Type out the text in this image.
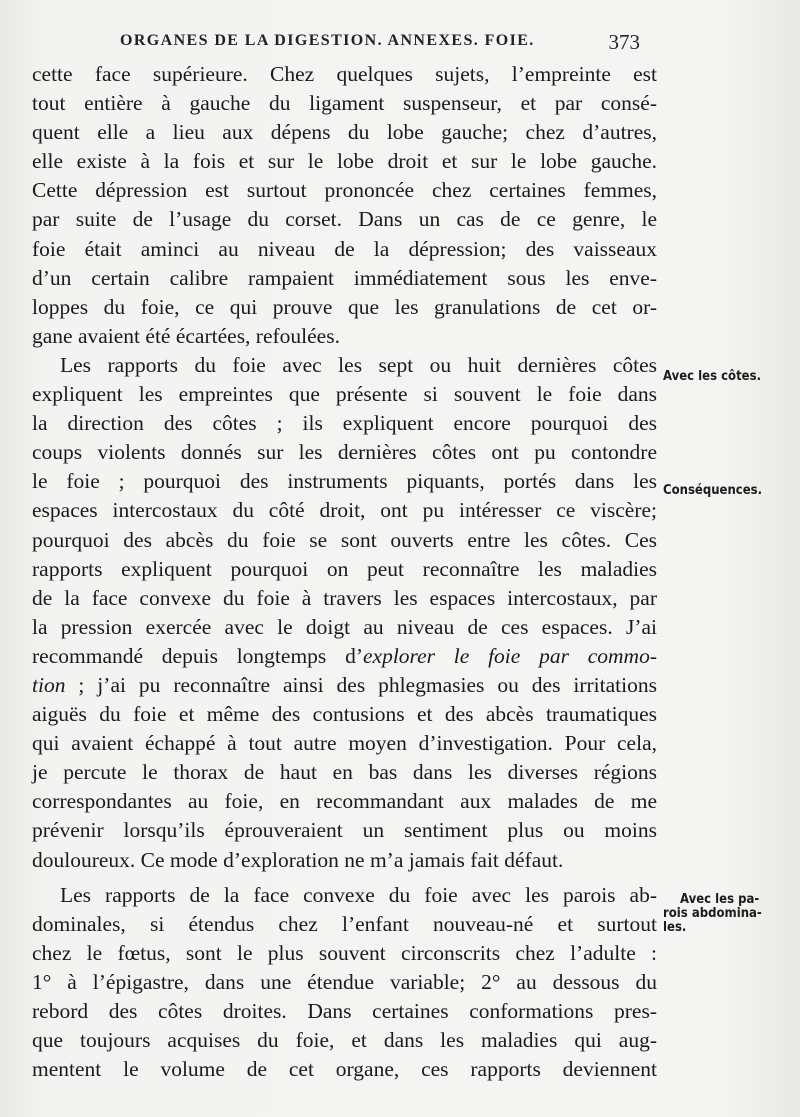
ORGANES DE LA DIGESTION. ANNEXES. FOIE.	373
cette face supérieure. Chez quelques sujets, l’empreinte est
tout entière à gauche du ligament suspenseur, et par consé-
quent elle a lieu aux dépens du lobe gauche; chez d’autres,
elle existe à la fois et sur le lobe droit et sur le lobe gauche.
Cette dépression est surtout prononcée chez certaines femmes,
par suite de l’usage du corset. Dans un cas de ce genre, le
foie était aminci au niveau de la dépression; des vaisseaux
d’un certain calibre rampaient immédiatement sous les enve-
loppes du foie, ce qui prouve que les granulations de cet or-
gane avaient été écartées, refoulées.
Les rapports du foie avec les sept ou huit dernières côtes
expliquent les empreintes que présente si souvent le foie dans
la direction des côtes ; ils expliquent encore pourquoi des
coups violents donnés sur les dernières côtes ont pu contondre
le foie ; pourquoi des instruments piquants, portés dans les
espaces intercostaux du côté droit, ont pu intéresser ce viscère;
pourquoi des abcès du foie se sont ouverts entre les côtes. Ces
rapports expliquent pourquoi on peut reconnaître les maladies
de la face convexe du foie à travers les espaces intercostaux, par
la pression exercée avec le doigt au niveau de ces espaces. J’ai
recommandé depuis longtemps d’explorer le foie par commo-
tion ; j’ai pu reconnaître ainsi des phlegmasies ou des irritations
aiguës du foie et même des contusions et des abcès traumatiques
qui avaient échappé à tout autre moyen d’investigation. Pour cela,
je percute le thorax de haut en bas dans les diverses régions
correspondantes au foie, en recommandant aux malades de me
prévenir lorsqu’ils éprouveraient un sentiment plus ou moins
douloureux. Ce mode d’exploration ne m’a jamais fait défaut.
Les rapports de la face convexe du foie avec les parois ab-
dominales, si étendus chez l’enfant nouveau-né et surtout
chez le fœtus, sont le plus souvent circonscrits chez l’adulte :
1° à l’épigastre, dans une étendue variable; 2° au dessous du
rebord des côtes droites. Dans certaines conformations pres-
que toujours acquises du foie, et dans les maladies qui aug-
mentent le volume de cet organe, ces rapports deviennent
Avec les côtes.
Conséquences.
Avec les pa-
rois abdomina-
les.
